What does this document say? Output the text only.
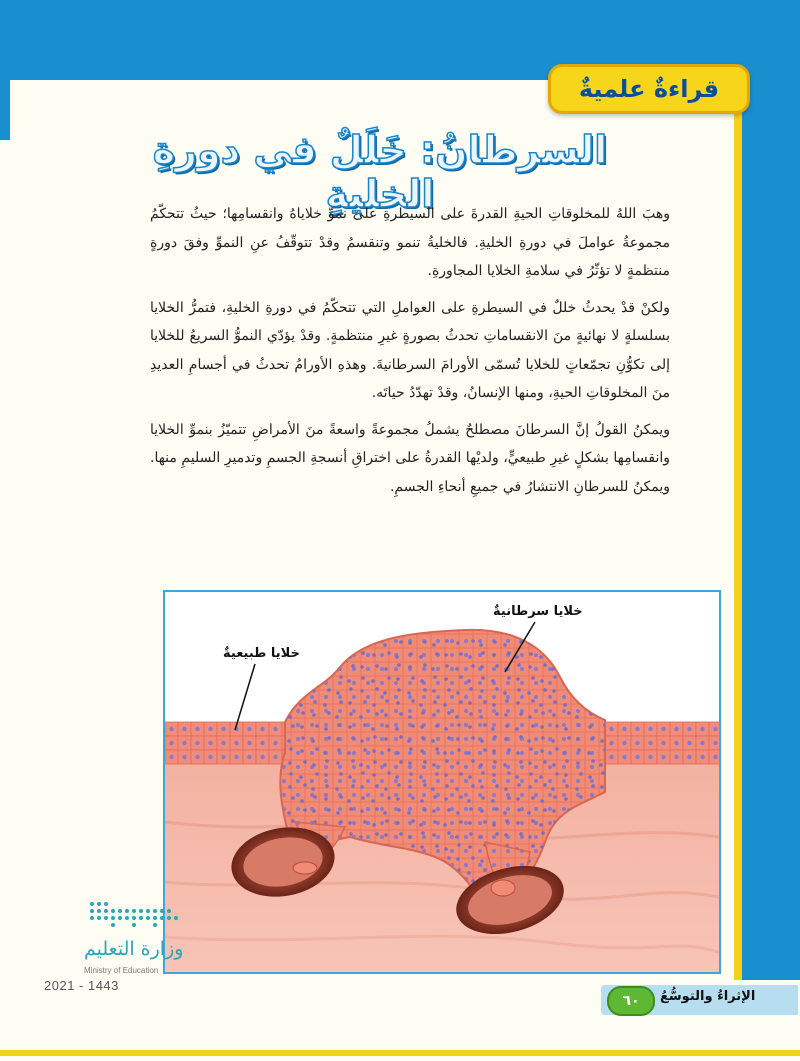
قراءةٌ علميةٌ
السرطانُ: خَلَلٌ في دورةِ الخليةِ

وهبَ اللهُ للمخلوقاتِ الحيةِ القدرةَ على السيطرةِ على نموِّ خلاياهُ وانقسامِها؛ حيثُ تتحكّمُ مجموعةُ عواملَ في دورةِ الخليةِ. فالخليةُ تنمو وتنقسمُ وقدْ تتوقّفُ عنِ النموِّ وفقَ دورةٍ منتظمةٍ لا تؤثّرُ في سلامةِ الخلايا المجاورةِ.

ولكنْ قدْ يحدثُ خللٌ في السيطرةِ على العواملِ التي تتحكّمُ في دورةِ الخليةِ، فتمرُّ الخلايا بسلسلةٍ لا نهائيةٍ منَ الانقساماتِ تحدثُ بصورةٍ غيرِ منتظمةٍ. وقدْ يؤدّي النموُّ السريعُ للخلايا إلى تكوُّنِ تجمّعاتٍ للخلايا تُسمّى الأورامَ السرطانيةَ. وهذهِ الأورامُ تحدثُ في أجسامِ العديدِ منَ المخلوقاتِ الحيةِ، ومنها الإنسانُ، وقدْ تهدّدُ حياتَه.

ويمكنُ القولُ إنَّ السرطانَ مصطلحٌ يشملُ مجموعةً واسعةً منَ الأمراضِ تتميّزُ بنموِّ الخلايا وانقسامِها بشكلٍ غيرِ طبيعيٍّ، ولديْها القدرةُ على اختراقِ أنسجةِ الجسمِ وتدميرِ السليمِ منها. ويمكنُ للسرطانِ الانتشارُ في جميعِ أنحاءِ الجسمِ.

خلايا سرطانيةٌ
خلايا طبيعيةٌ
وزارة التعليم
Ministry of Education
2021 - 1443
الإثراءُ والتوسُّعُ
٦٠
